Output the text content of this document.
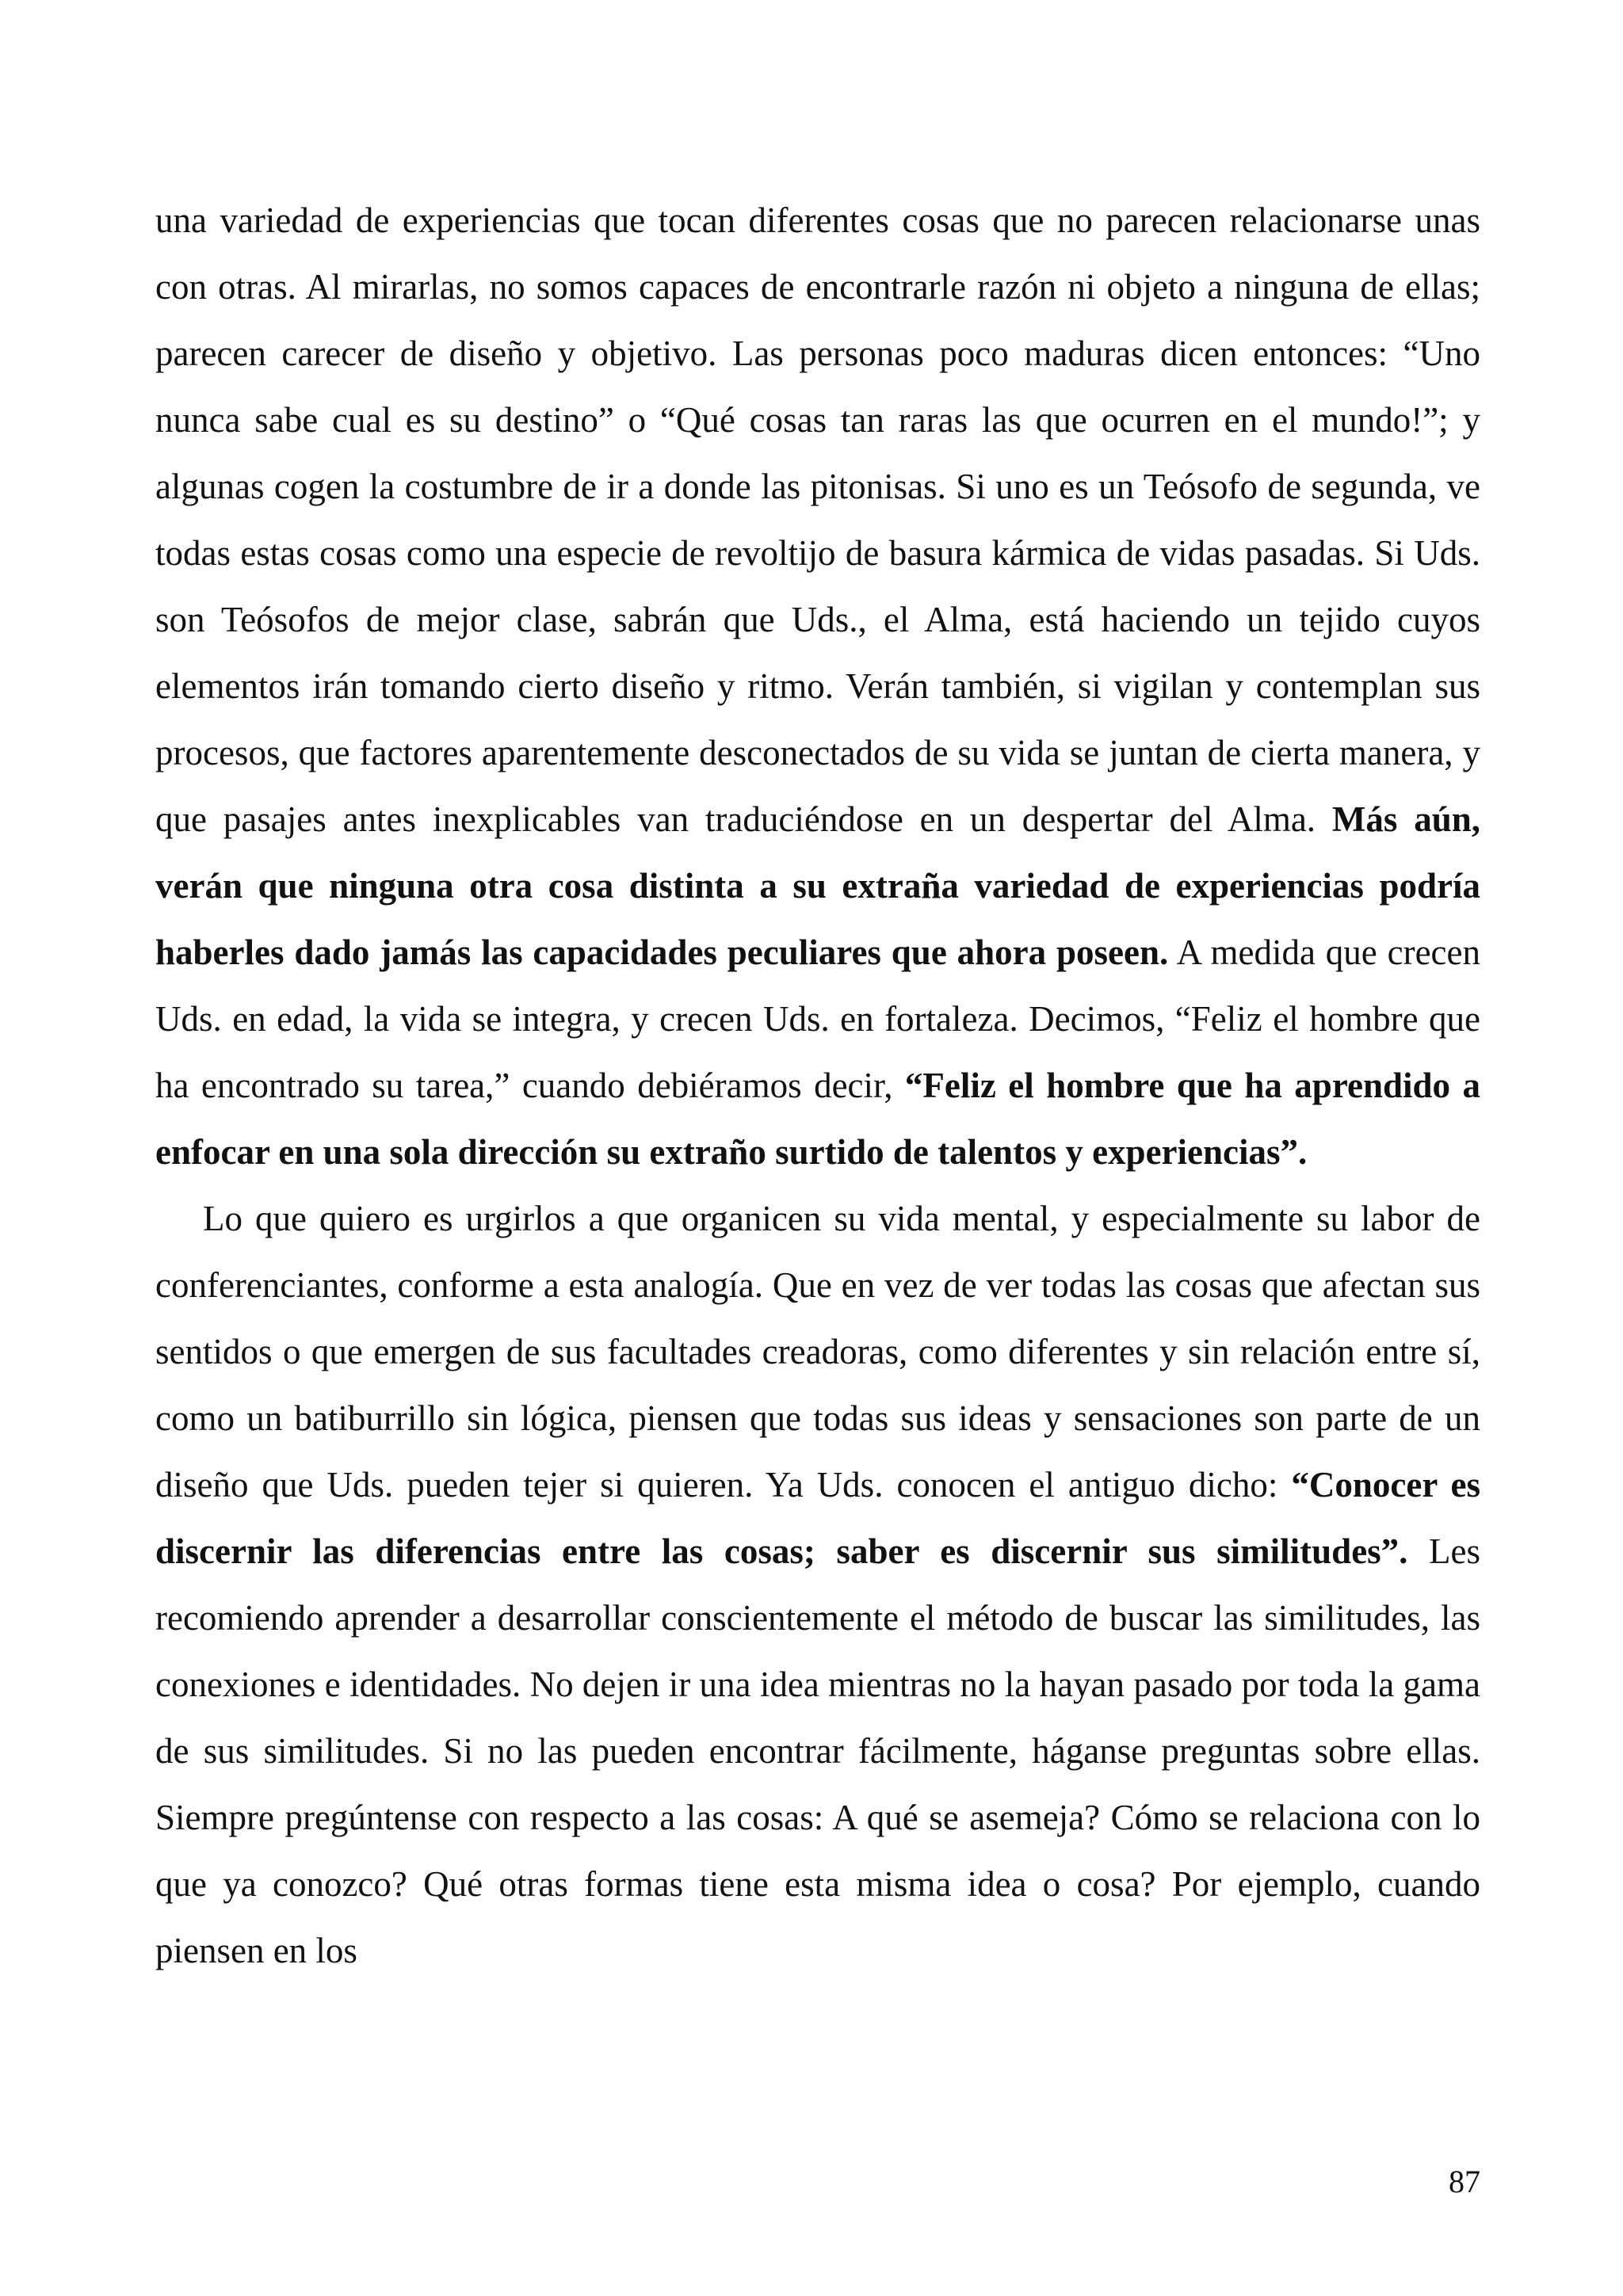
una variedad de experiencias que tocan diferentes cosas que no parecen relacionarse unas con otras. Al mirarlas, no somos capaces de encontrarle razón ni objeto a ninguna de ellas; parecen carecer de diseño y objetivo. Las personas poco maduras dicen entonces: “Uno nunca sabe cual es su destino” o “Qué cosas tan raras las que ocurren en el mundo!”; y algunas cogen la costumbre de ir a donde las pitonisas. Si uno es un Teósofo de segunda, ve todas estas cosas como una especie de revoltijo de basura kármica de vidas pasadas. Si Uds. son Teósofos de mejor clase, sabrán que Uds., el Alma, está haciendo un tejido cuyos elementos irán tomando cierto diseño y ritmo. Verán también, si vigilan y contemplan sus procesos, que factores aparentemente desconectados de su vida se juntan de cierta manera, y que pasajes antes inexplicables van traduciéndose en un despertar del Alma. Más aún, verán que ninguna otra cosa distinta a su extraña variedad de experiencias podría haberles dado jamás las capacidades peculiares que ahora poseen. A medida que crecen Uds. en edad, la vida se integra, y crecen Uds. en fortaleza. Decimos, “Feliz el hombre que ha encontrado su tarea,” cuando debiéramos decir, “Feliz el hombre que ha aprendido a enfocar en una sola dirección su extraño surtido de talentos y experiencias”.

Lo que quiero es urgirlos a que organicen su vida mental, y especialmente su labor de conferenciantes, conforme a esta analogía. Que en vez de ver todas las cosas que afectan sus sentidos o que emergen de sus facultades creadoras, como diferentes y sin relación entre sí, como un batiburrillo sin lógica, piensen que todas sus ideas y sensaciones son parte de un diseño que Uds. pueden tejer si quieren. Ya Uds. conocen el antiguo dicho: “Conocer es discernir las diferencias entre las cosas; saber es discernir sus similitudes”. Les recomiendo aprender a desarrollar conscientemente el método de buscar las similitudes, las conexiones e identidades. No dejen ir una idea mientras no la hayan pasado por toda la gama de sus similitudes. Si no las pueden encontrar fácilmente, háganse preguntas sobre ellas. Siempre pregúntense con respecto a las cosas: A qué se asemeja? Cómo se relaciona con lo que ya conozco? Qué otras formas tiene esta misma idea o cosa? Por ejemplo, cuando piensen en los

87
